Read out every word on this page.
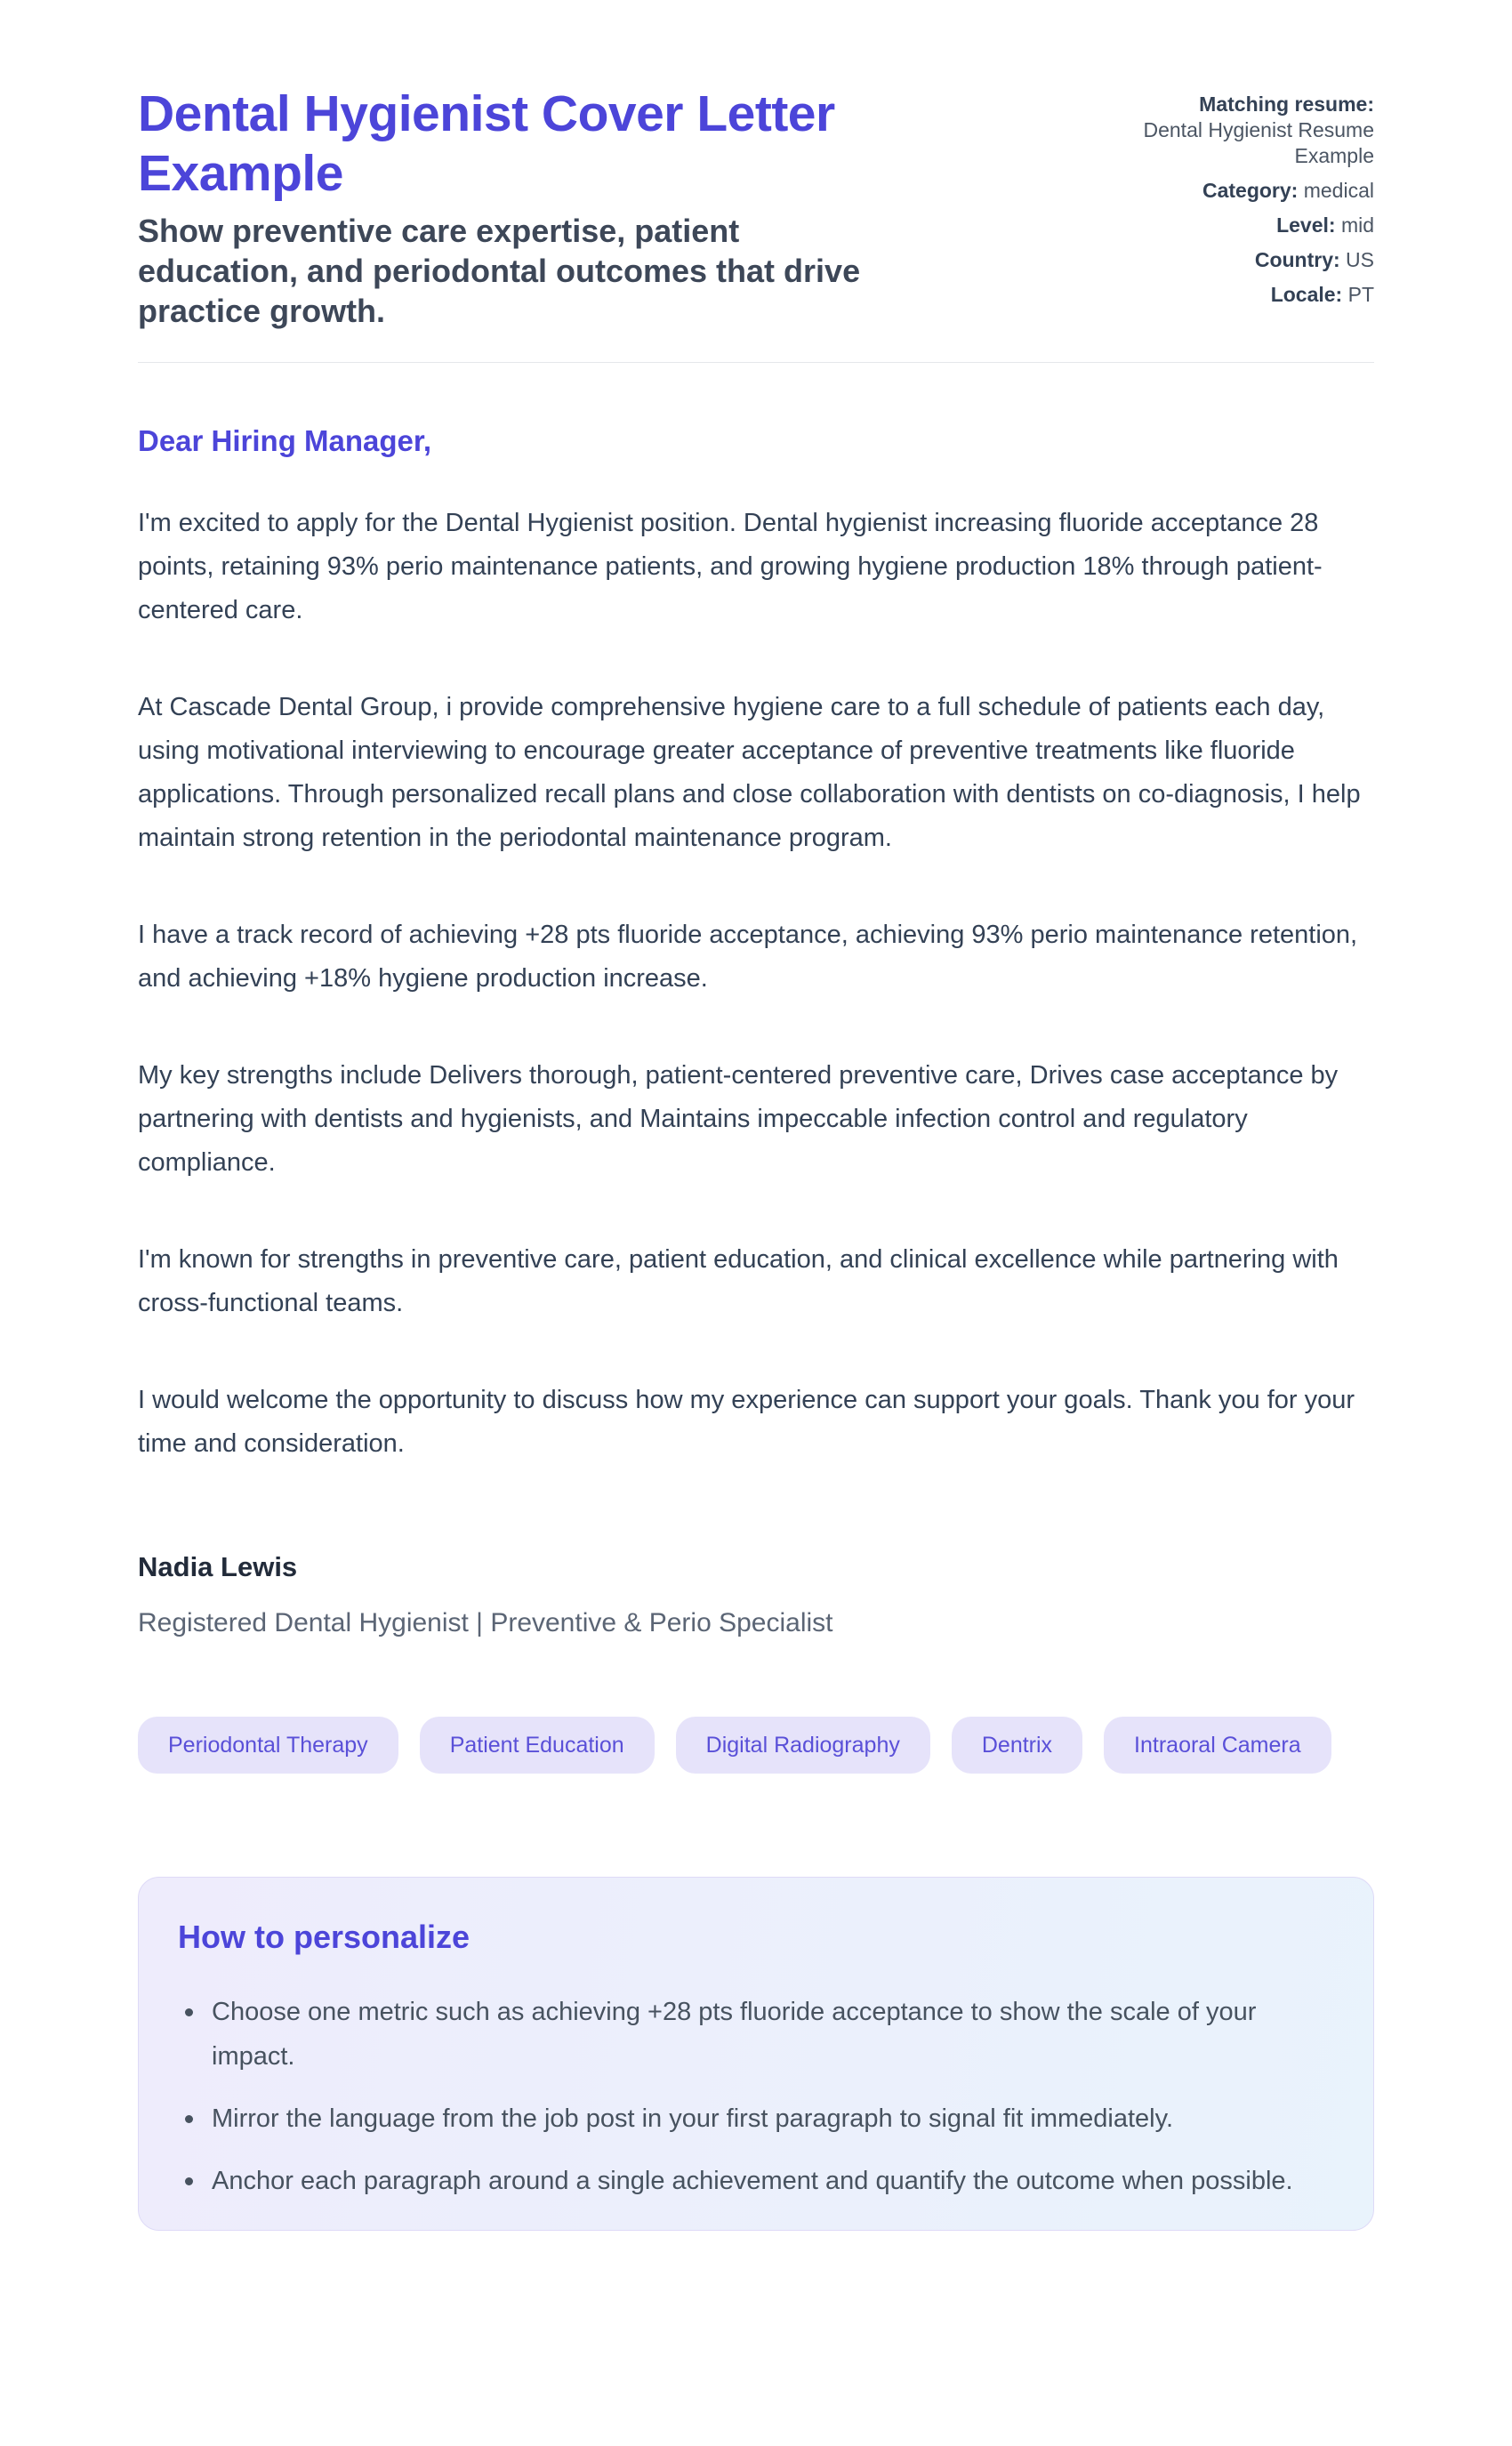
Dental Hygienist Cover Letter Example

Show preventive care expertise, patient education, and periodontal outcomes that drive practice growth.

Matching resume:
Dental Hygienist Resume Example
Category: medical
Level: mid
Country: US
Locale: PT

Dear Hiring Manager,

I'm excited to apply for the Dental Hygienist position. Dental hygienist increasing fluoride acceptance 28 points, retaining 93% perio maintenance patients, and growing hygiene production 18% through patient-centered care.

At Cascade Dental Group, i provide comprehensive hygiene care to a full schedule of patients each day, using motivational interviewing to encourage greater acceptance of preventive treatments like fluoride applications. Through personalized recall plans and close collaboration with dentists on co-diagnosis, I help maintain strong retention in the periodontal maintenance program.

I have a track record of achieving +28 pts fluoride acceptance, achieving 93% perio maintenance retention, and achieving +18% hygiene production increase.

My key strengths include Delivers thorough, patient-centered preventive care, Drives case acceptance by partnering with dentists and hygienists, and Maintains impeccable infection control and regulatory compliance.

I'm known for strengths in preventive care, patient education, and clinical excellence while partnering with cross-functional teams.

I would welcome the opportunity to discuss how my experience can support your goals. Thank you for your time and consideration.

Nadia Lewis

Registered Dental Hygienist | Preventive & Perio Specialist

Periodontal Therapy	Patient Education	Digital Radiography	Dentrix	Intraoral Camera
How to personalize
Choose one metric such as achieving +28 pts fluoride acceptance to show the scale of your impact.
Mirror the language from the job post in your first paragraph to signal fit immediately.
Anchor each paragraph around a single achievement and quantify the outcome when possible.
